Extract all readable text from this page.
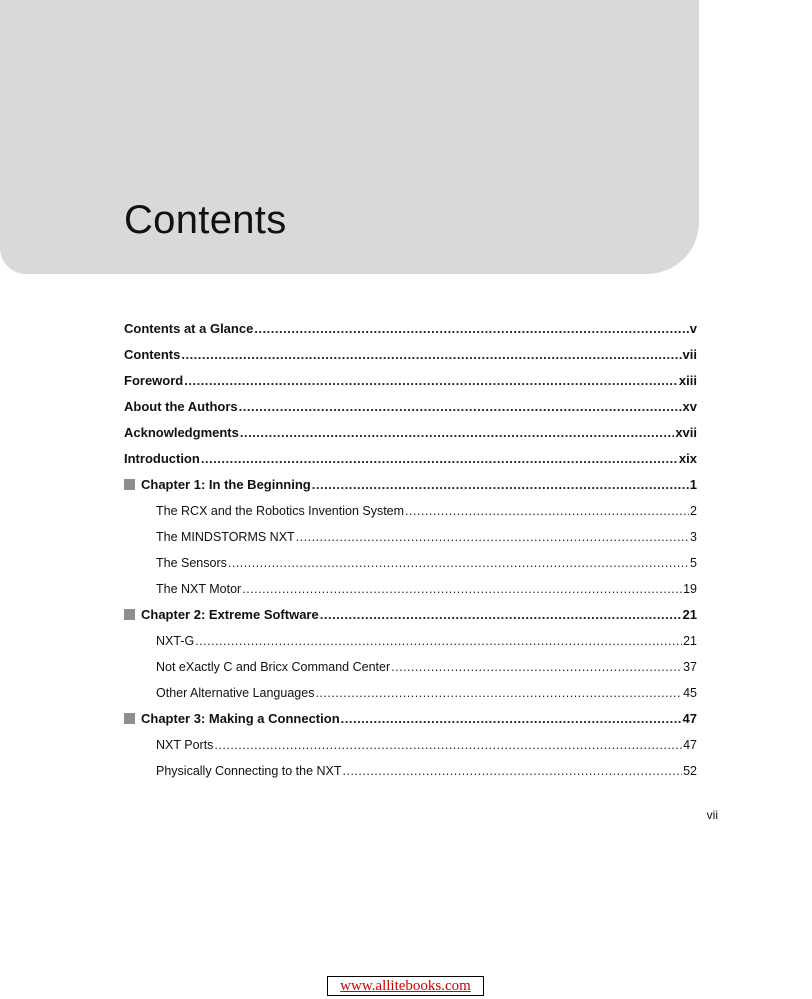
Contents
Contents at a Glance .....	v
Contents .....	vii
Foreword .....	xiii
About the Authors .....	xv
Acknowledgments .....	xvii
Introduction .....	xix
Chapter 1: In the Beginning .....	1
The RCX and the Robotics Invention System .....	2
The MINDSTORMS NXT .....	3
The Sensors .....	5
The NXT Motor .....	19
Chapter 2: Extreme Software .....	21
NXT-G .....	21
Not eXactly C and Bricx Command Center .....	37
Other Alternative Languages .....	45
Chapter 3: Making a Connection .....	47
NXT Ports .....	47
Physically Connecting to the NXT .....	52
vii
www.allitebooks.com
